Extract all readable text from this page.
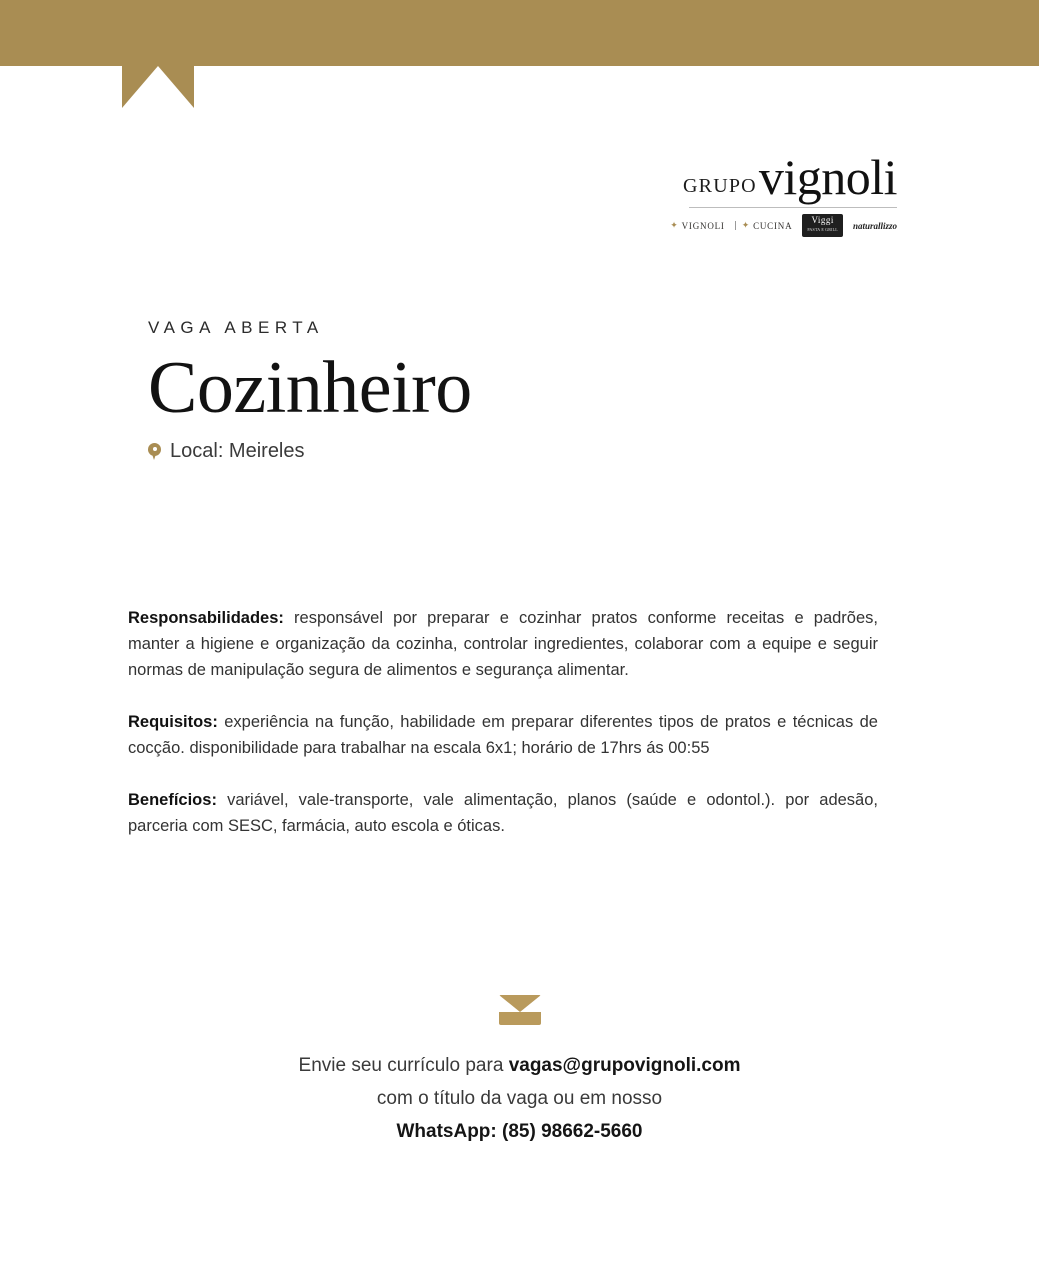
GRUPO vignoli
✦ VIGNOLI ✦ CUCINA
Viggi
PASTA E GRILL naturallizzo
VAGA ABERTA
Cozinheiro
Local: Meireles

Responsabilidades: responsável por preparar e cozinhar pratos conforme receitas e padrões, manter a higiene e organização da cozinha, controlar ingredientes, colaborar com a equipe e seguir normas de manipulação segura de alimentos e segurança alimentar.

Requisitos: experiência na função, habilidade em preparar diferentes tipos de pratos e técnicas de cocção. disponibilidade para trabalhar na escala 6x1; horário de 17hrs ás 00:55

Benefícios: variável, vale-transporte, vale alimentação, planos (saúde e odontol.). por adesão, parceria com SESC, farmácia, auto escola e óticas.

Envie seu currículo para vagas@grupovignoli.com
com o título da vaga ou em nosso
WhatsApp: (85) 98662-5660
